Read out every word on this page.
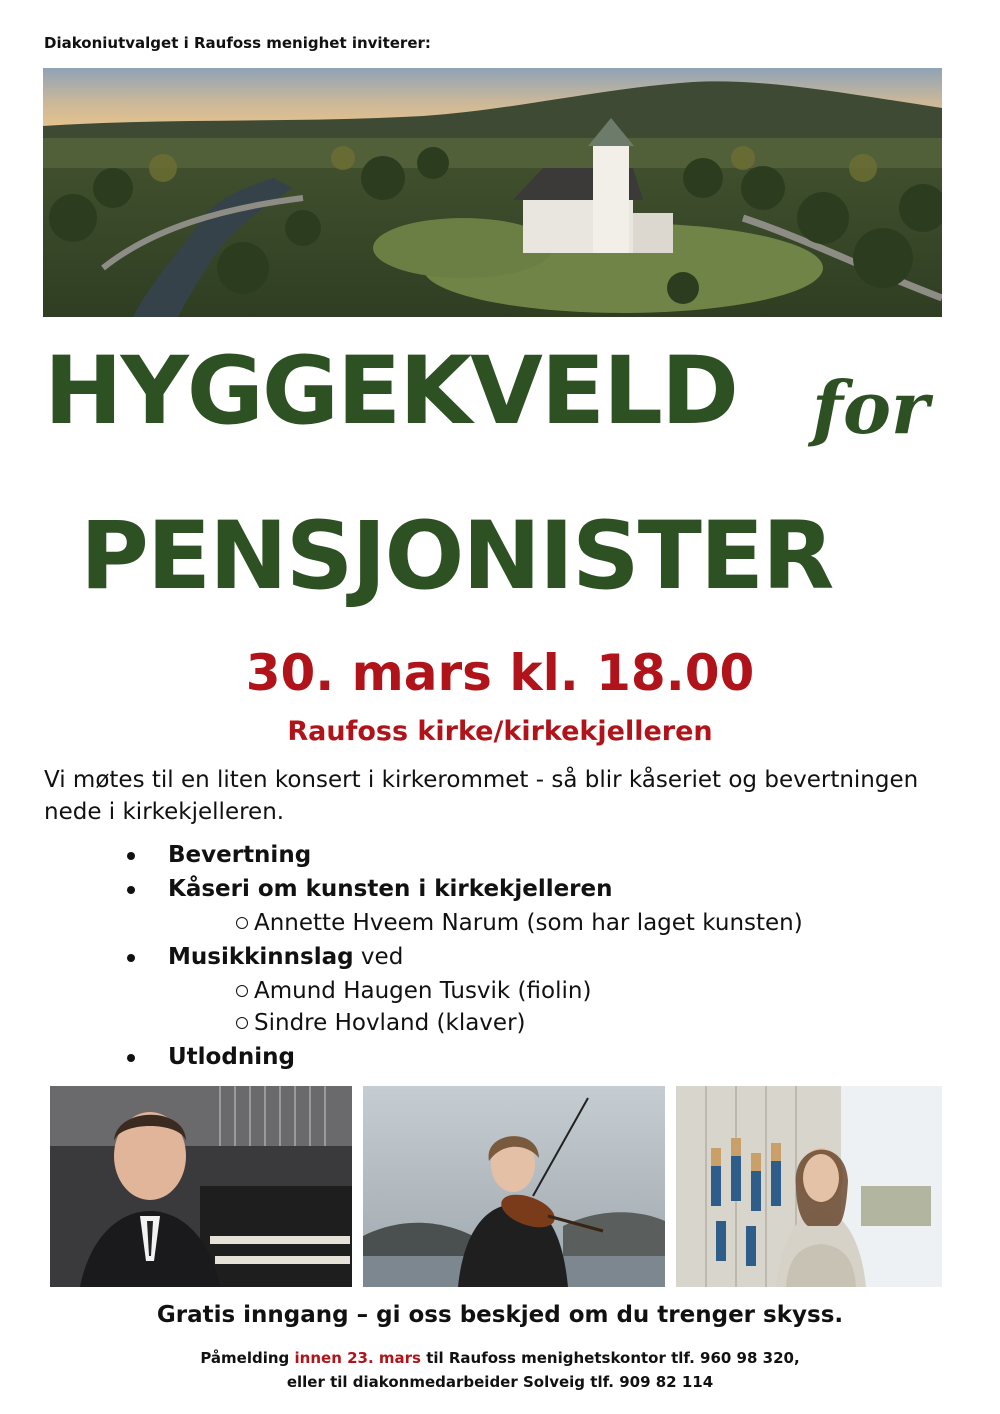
Diakoniutvalget i Raufoss menighet inviterer:
HYGGEKVELD for
PENSJONISTER
30. mars kl. 18.00
Raufoss kirke/kirkekjelleren
Vi møtes til en liten konsert i kirkerommet - så blir kåseriet og bevertningen nede i kirkekjelleren.
Bevertning
Kåseri om kunsten i kirkekjelleren
Annette Hveem Narum (som har laget kunsten)
Musikkinnslag ved
Amund Haugen Tusvik (fiolin)
Sindre Hovland (klaver)
Utlodning
Gratis inngang – gi oss beskjed om du trenger skyss.
Påmelding innen 23. mars til Raufoss menighetskontor tlf. 960 98 320,
eller til diakonmedarbeider Solveig tlf. 909 82 114
